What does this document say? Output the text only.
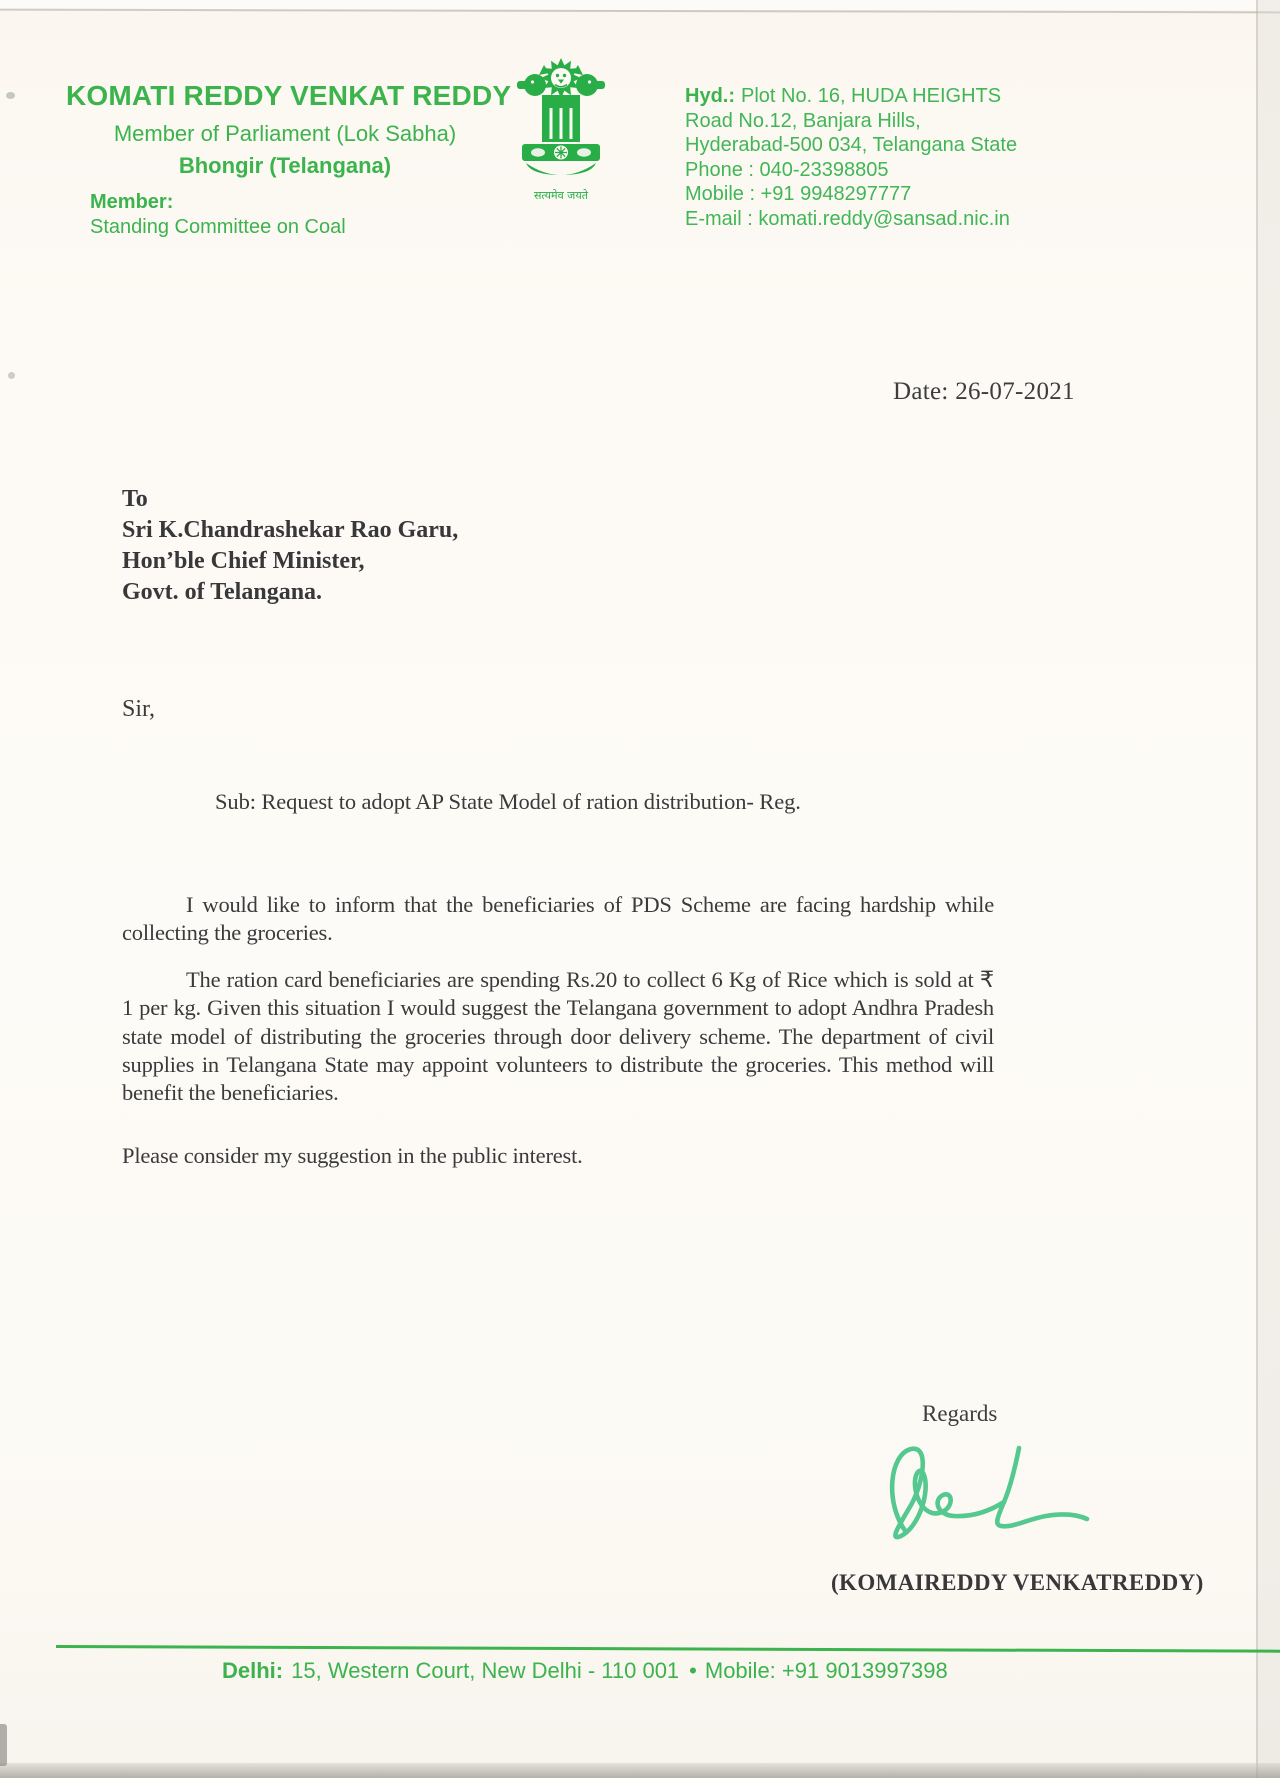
KOMATI REDDY VENKAT REDDY
Member of Parliament (Lok Sabha)
Bhongir (Telangana)
Member:
Standing Committee on Coal
सत्यमेव जयते
Hyd.: Plot No. 16, HUDA HEIGHTS
Road No.12, Banjara Hills,
Hyderabad-500 034, Telangana State
Phone : 040-23398805
Mobile : +91 9948297777
E-mail : komati.reddy@sansad.nic.in
Date: 26-07-2021
To
Sri K.Chandrashekar Rao Garu,
Hon’ble Chief Minister,
Govt. of Telangana.
Sir,
Sub: Request to adopt AP State Model of ration distribution- Reg.

I would like to inform that the beneficiaries of PDS Scheme are facing hardship while collecting the groceries.

The ration card beneficiaries are spending Rs.20 to collect 6 Kg of Rice which is sold at ₹ 1 per kg. Given this situation I would suggest the Telangana government to adopt Andhra Pradesh state model of distributing the groceries through door delivery scheme. The department of civil supplies in Telangana State may appoint volunteers to distribute the groceries. This method will benefit the beneficiaries.

Please consider my suggestion in the public interest.

Regards
(KOMAIREDDY VENKATREDDY)
Delhi: 15, Western Court, New Delhi - 110 001 • Mobile: +91 9013997398
